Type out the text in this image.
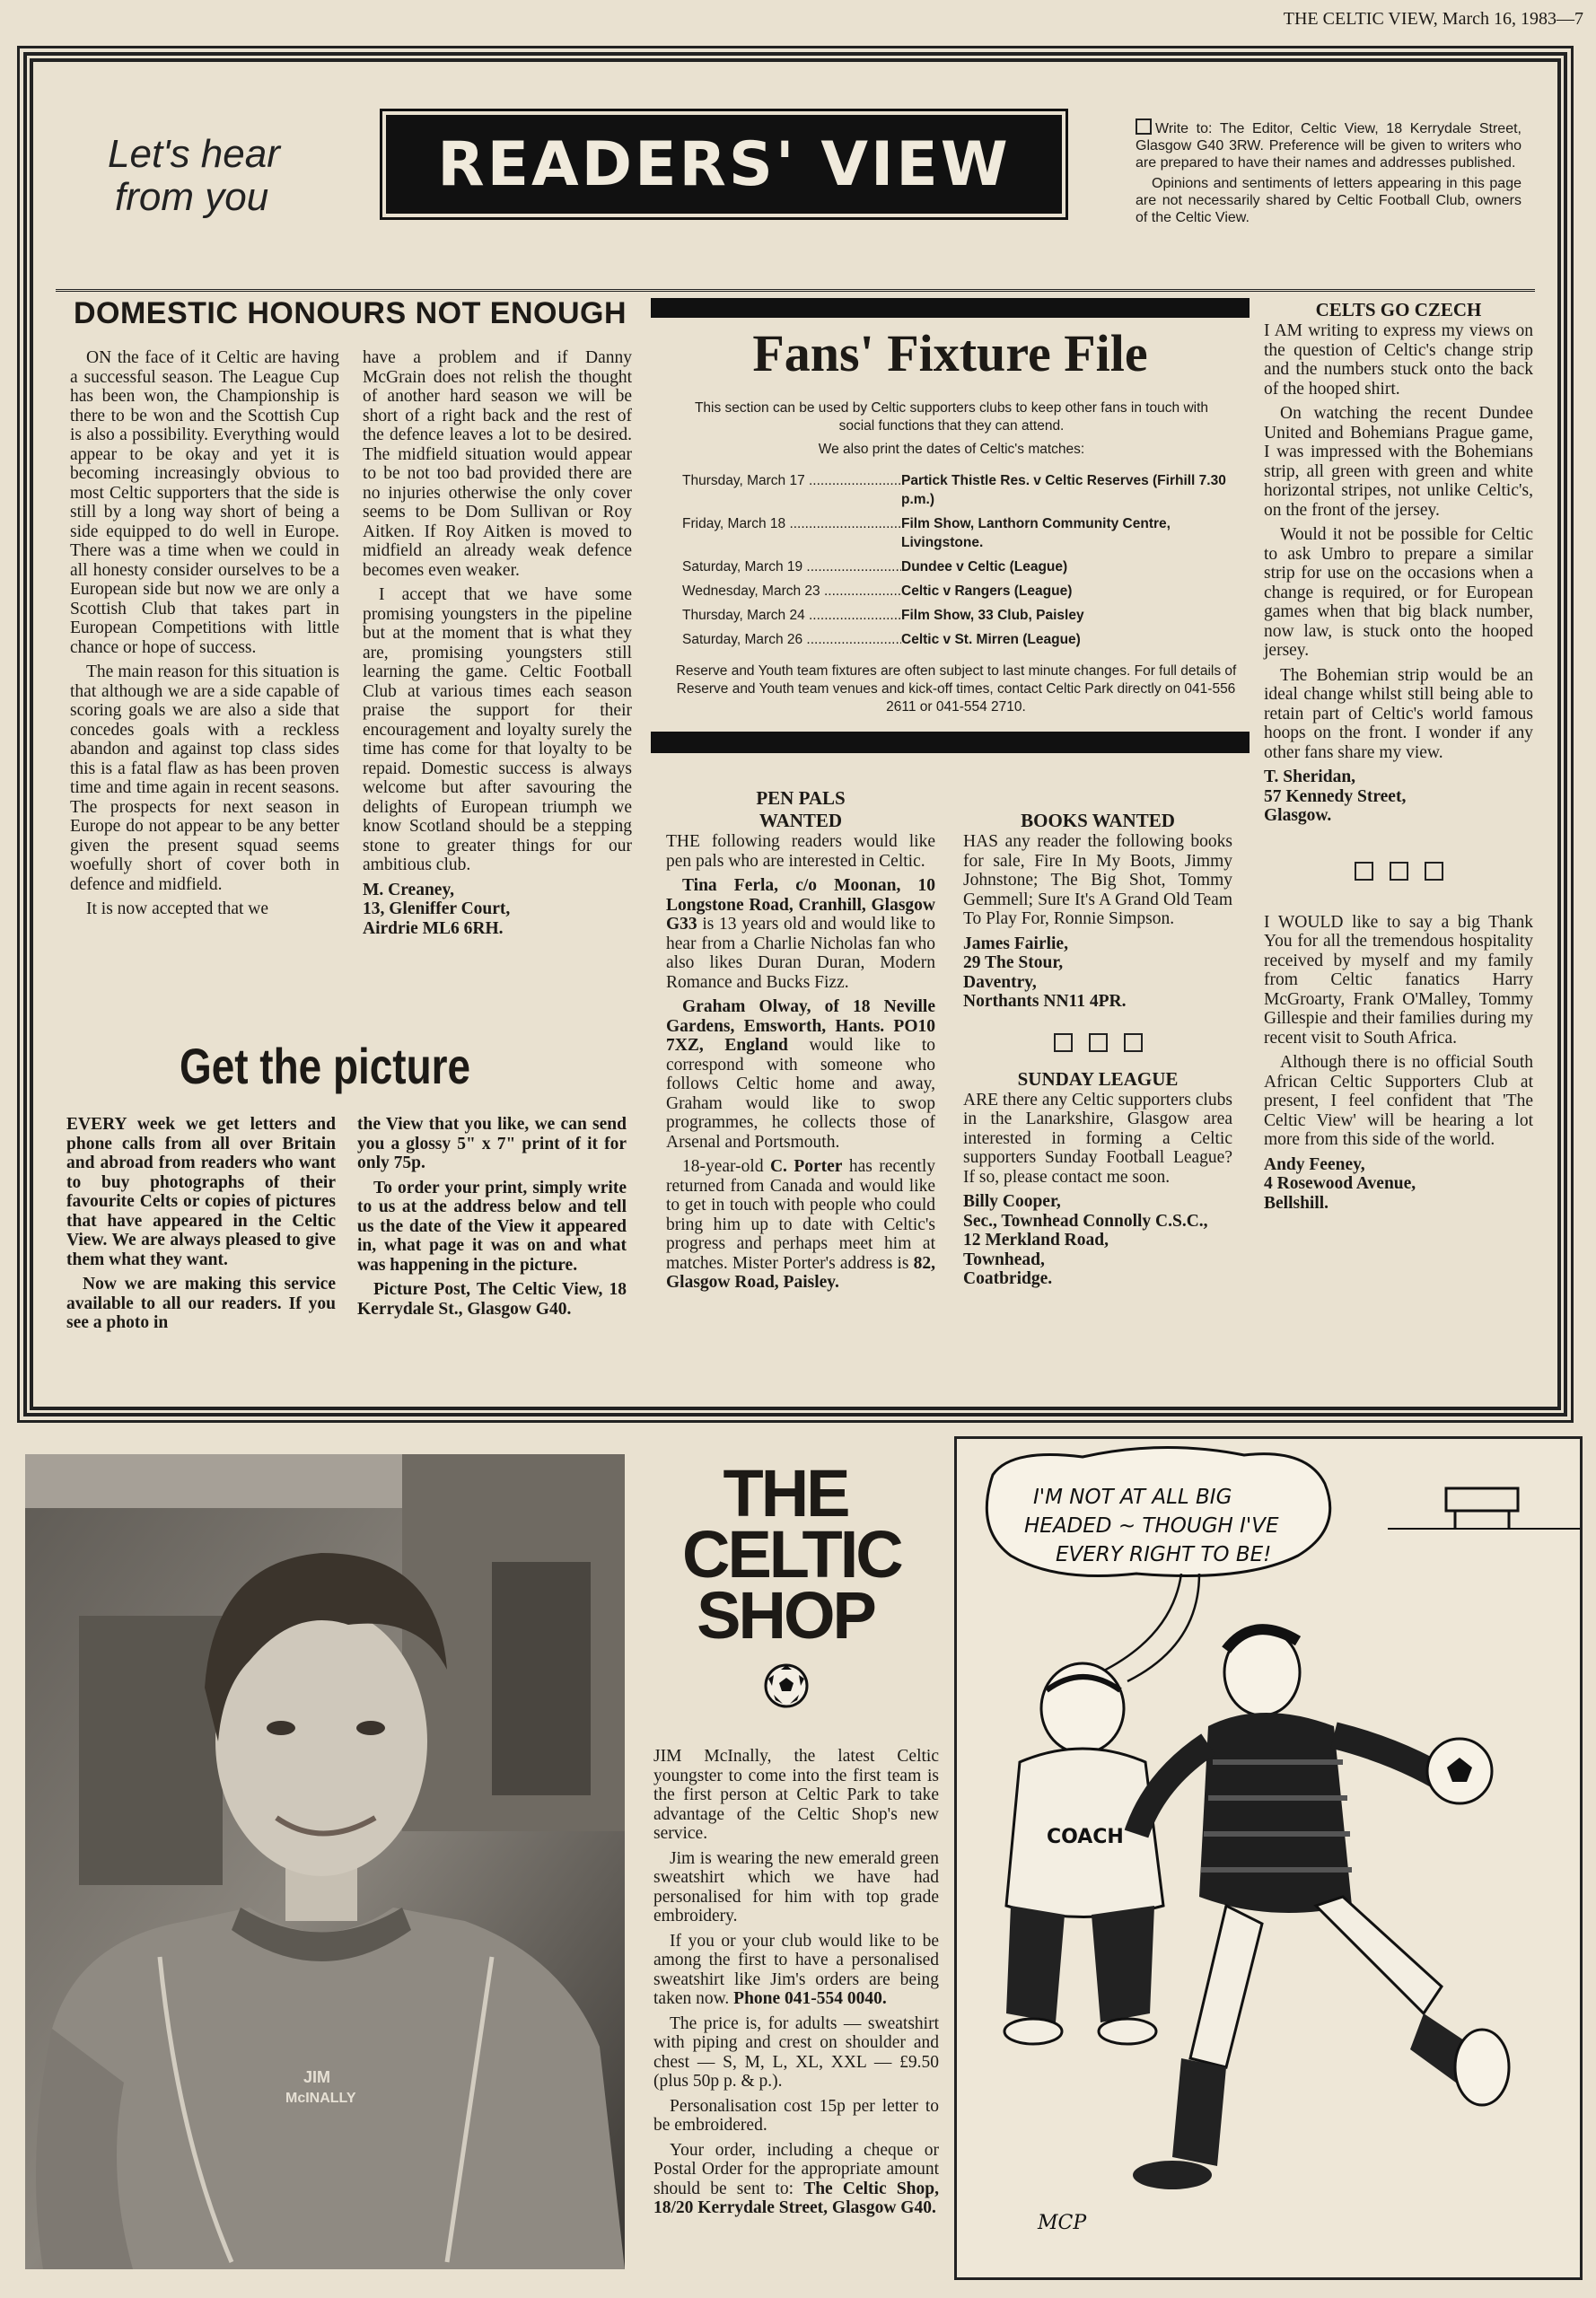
THE CELTIC VIEW, March 16, 1983—7
Let's hear
from you	READERS' VIEW	Write to: The Editor, Celtic View, 18 Kerrydale Street, Glasgow G40 3RW. Preference will be given to writers who are prepared to have their names and addresses published.

Opinions and sentiments of letters appearing in this page are not necessarily shared by Celtic Football Club, owners of the Celtic View.

DOMESTIC HONOURS NOT ENOUGH

ON the face of it Celtic are having a successful season. The League Cup has been won, the Championship is there to be won and the Scottish Cup is also a possibility. Everything would appear to be okay and yet it is becoming increasingly obvious to most Celtic supporters that the side is still by a long way short of being a side equipped to do well in Europe. There was a time when we could in all honesty consider ourselves to be a European side but now we are only a Scottish Club that takes part in European Competitions with little chance or hope of success.

The main reason for this situation is that although we are a side capable of scoring goals we are also a side that concedes goals with a reckless abandon and against top class sides this is a fatal flaw as has been proven time and time again in recent seasons. The prospects for next season in Europe do not appear to be any better given the present squad seems woefully short of cover both in defence and midfield.

It is now accepted that we

have a problem and if Danny McGrain does not relish the thought of another hard season we will be short of a right back and the rest of the defence leaves a lot to be desired. The midfield situation would appear to be not too bad provided there are no injuries otherwise the only cover seems to be Dom Sullivan or Roy Aitken. If Roy Aitken is moved to midfield an already weak defence becomes even weaker.

I accept that we have some promising youngsters in the pipeline but at the moment that is what they are, promising youngsters still learning the game. Celtic Football Club at various times each season praise the support for their encouragement and loyalty surely the time has come for that loyalty to be repaid. Domestic success is always welcome but after savouring the delights of European triumph we know Scotland should be a stepping stone to greater things for our ambitious club.

M. Creaney,
13, Gleniffer Court,
Airdrie ML6 6RH.
Fans' Fixture File
This section can be used by Celtic supporters clubs to keep other fans in touch with social functions that they can attend.
We also print the dates of Celtic's matches:
Thursday, March 17 .....	Partick Thistle Res. v Celtic Reserves (Firhill 7.30 p.m.)
Friday, March 18 .....	Film Show, Lanthorn Community Centre, Livingstone.
Saturday, March 19 .....	Dundee v Celtic (League)
Wednesday, March 23 .....	Celtic v Rangers (League)
Thursday, March 24 .....	Film Show, 33 Club, Paisley
Saturday, March 26 .....	Celtic v St. Mirren (League)
Reserve and Youth team fixtures are often subject to last minute changes. For full details of Reserve and Youth team venues and kick-off times, contact Celtic Park directly on 041-556 2611 or 041-554 2710.
PEN PALS
WANTED

THE following readers would like pen pals who are interested in Celtic.

Tina Ferla, c/o Moonan, 10 Longstone Road, Cranhill, Glasgow G33 is 13 years old and would like to hear from a Charlie Nicholas fan who also likes Duran Duran, Modern Romance and Bucks Fizz.

Graham Olway, of 18 Neville Gardens, Emsworth, Hants. PO10 7XZ, England would like to correspond with someone who follows Celtic home and away, Graham would like to swop programmes, he collects those of Arsenal and Portsmouth.

18-year-old C. Porter has recently returned from Canada and would like to get in touch with people who could bring him up to date with Celtic's progress and perhaps meet him at matches. Mister Porter's address is 82, Glasgow Road, Paisley.

BOOKS WANTED

HAS any reader the following books for sale, Fire In My Boots, Jimmy Johnstone; The Big Shot, Tommy Gemmell; Sure It's A Grand Old Team To Play For, Ronnie Simpson.

James Fairlie,
29 The Stour,
Daventry,
Northants NN11 4PR.
SUNDAY LEAGUE

ARE there any Celtic supporters clubs in the Lanarkshire, Glasgow area interested in forming a Celtic supporters Sunday Football League? If so, please contact me soon.

Billy Cooper,
Sec., Townhead Connolly C.S.C.,
12 Merkland Road,
Townhead,
Coatbridge.
CELTS GO CZECH

I AM writing to express my views on the question of Celtic's change strip and the numbers stuck onto the back of the hooped shirt.

On watching the recent Dundee United and Bohemians Prague game, I was impressed with the Bohemians strip, all green with green and white horizontal stripes, not unlike Celtic's, on the front of the jersey.

Would it not be possible for Celtic to ask Umbro to prepare a similar strip for use on the occasions when a change is required, or for European games when that big black number, now law, is stuck onto the hooped jersey.

The Bohemian strip would be an ideal change whilst still being able to retain part of Celtic's world famous hoops on the front. I wonder if any other fans share my view.

T. Sheridan,
57 Kennedy Street,
Glasgow.

I WOULD like to say a big Thank You for all the tremendous hospitality received by myself and my family from Celtic fanatics Harry McGroarty, Frank O'Malley, Tommy Gillespie and their families during my recent visit to South Africa.

Although there is no official South African Celtic Supporters Club at present, I feel confident that 'The Celtic View' will be hearing a lot more from this side of the world.

Andy Feeney,
4 Rosewood Avenue,
Bellshill.
Get the picture

EVERY week we get letters and phone calls from all over Britain and abroad from readers who want to buy photographs of their favourite Celts or copies of pictures that have appeared in the Celtic View. We are always pleased to give them what they want.

Now we are making this service available to all our readers. If you see a photo in

the View that you like, we can send you a glossy 5" x 7" print of it for only 75p.

To order your print, simply write to us at the address below and tell us the date of the View it appeared in, what page it was on and what was happening in the picture.

Picture Post, The Celtic View, 18 Kerrydale St., Glasgow G40.

JIM
McINALLY
THE
CELTIC
SHOP

JIM McInally, the latest Celtic youngster to come into the first team is the first person at Celtic Park to take advantage of the Celtic Shop's new service.

Jim is wearing the new emerald green sweatshirt which we have had personalised for him with top grade embroidery.

If you or your club would like to be among the first to have a personalised sweatshirt like Jim's orders are being taken now. Phone 041-554 0040.

The price is, for adults — sweatshirt with piping and crest on shoulder and chest — S, M, L, XL, XXL — £9.50 (plus 50p p. & p.).

Personalisation cost 15p per letter to be embroidered.

Your order, including a cheque or Postal Order for the appropriate amount should be sent to: The Celtic Shop, 18/20 Kerrydale Street, Glasgow G40.

I'M NOT AT ALL BIG
HEADED ~ THOUGH I'VE
EVERY RIGHT TO BE!
COACH
MCP
